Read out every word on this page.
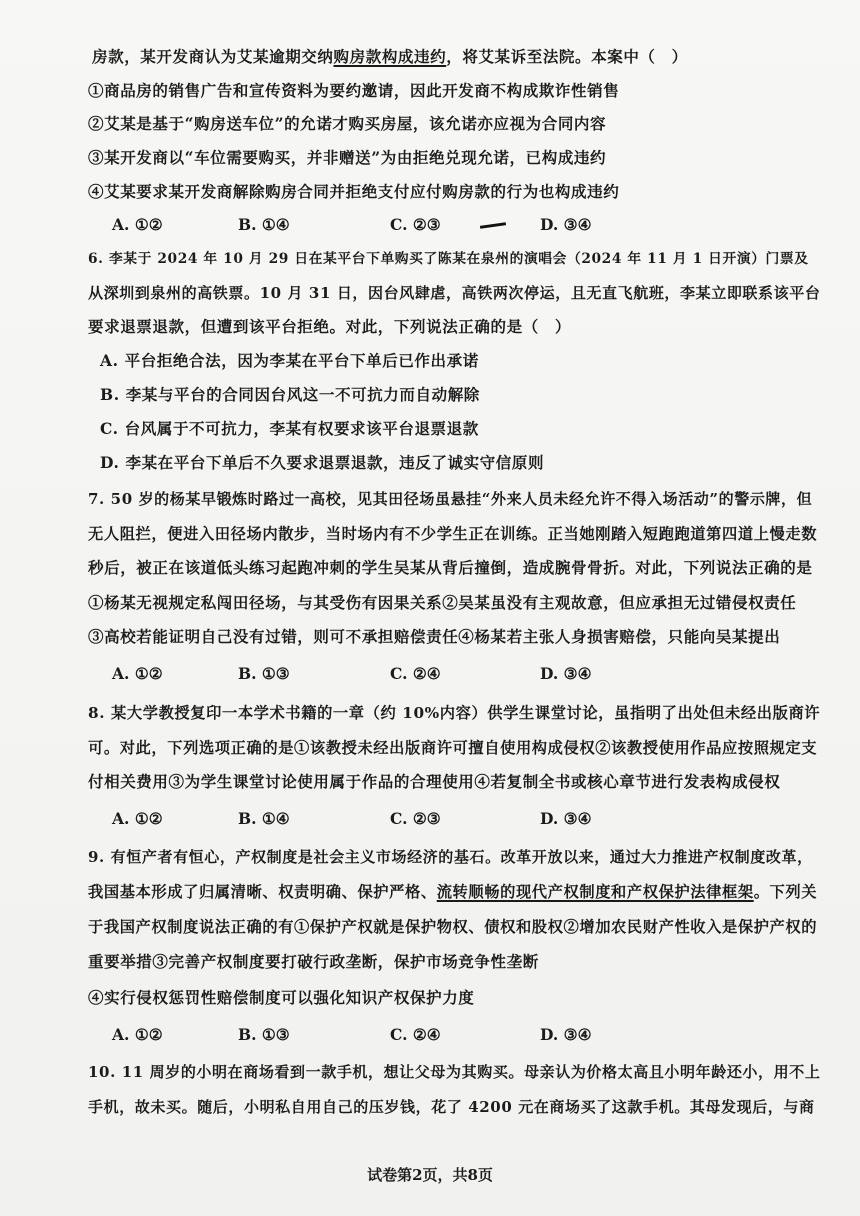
房款，某开发商认为艾某逾期交纳购房款构成违约，将艾某诉至法院。本案中（　）
①商品房的销售广告和宣传资料为要约邀请，因此开发商不构成欺诈性销售
②艾某是基于“购房送车位”的允诺才购买房屋，该允诺亦应视为合同内容
③某开发商以“车位需要购买，并非赠送”为由拒绝兑现允诺，已构成违约
④艾某要求某开发商解除购房合同并拒绝支付应付购房款的行为也构成违约
A. ①②	B. ①④	C. ②③	D. ③④
6. 李某于 2024 年 10 月 29 日在某平台下单购买了陈某在泉州的演唱会（2024 年 11 月 1 日开演）门票及
从深圳到泉州的高铁票。10 月 31 日，因台风肆虐，高铁两次停运，且无直飞航班，李某立即联系该平台
要求退票退款，但遭到该平台拒绝。对此，下列说法正确的是（　）
A. 平台拒绝合法，因为李某在平台下单后已作出承诺
B. 李某与平台的合同因台风这一不可抗力而自动解除
C. 台风属于不可抗力，李某有权要求该平台退票退款
D. 李某在平台下单后不久要求退票退款，违反了诚实守信原则
7. 50 岁的杨某早锻炼时路过一高校，见其田径场虽悬挂“外来人员未经允许不得入场活动”的警示牌，但
无人阻拦，便进入田径场内散步，当时场内有不少学生正在训练。正当她刚踏入短跑跑道第四道上慢走数
秒后，被正在该道低头练习起跑冲刺的学生吴某从背后撞倒，造成腕骨骨折。对此，下列说法正确的是
①杨某无视规定私闯田径场，与其受伤有因果关系②吴某虽没有主观故意，但应承担无过错侵权责任
③高校若能证明自己没有过错，则可不承担赔偿责任④杨某若主张人身损害赔偿，只能向吴某提出
A. ①②	B. ①③	C. ②④	D. ③④
8. 某大学教授复印一本学术书籍的一章（约 10%内容）供学生课堂讨论，虽指明了出处但未经出版商许
可。对此，下列选项正确的是①该教授未经出版商许可擅自使用构成侵权②该教授使用作品应按照规定支
付相关费用③为学生课堂讨论使用属于作品的合理使用④若复制全书或核心章节进行发表构成侵权
A. ①②	B. ①④	C. ②③	D. ③④
9. 有恒产者有恒心，产权制度是社会主义市场经济的基石。改革开放以来，通过大力推进产权制度改革，
我国基本形成了归属清晰、权责明确、保护严格、流转顺畅的现代产权制度和产权保护法律框架。下列关
于我国产权制度说法正确的有①保护产权就是保护物权、债权和股权②增加农民财产性收入是保护产权的
重要举措③完善产权制度要打破行政垄断，保护市场竞争性垄断
④实行侵权惩罚性赔偿制度可以强化知识产权保护力度
A. ①②	B. ①③	C. ②④	D. ③④
10. 11 周岁的小明在商场看到一款手机，想让父母为其购买。母亲认为价格太高且小明年龄还小，用不上
手机，故未买。随后，小明私自用自己的压岁钱，花了 4200 元在商场买了这款手机。其母发现后，与商
试卷第2页，共8页
